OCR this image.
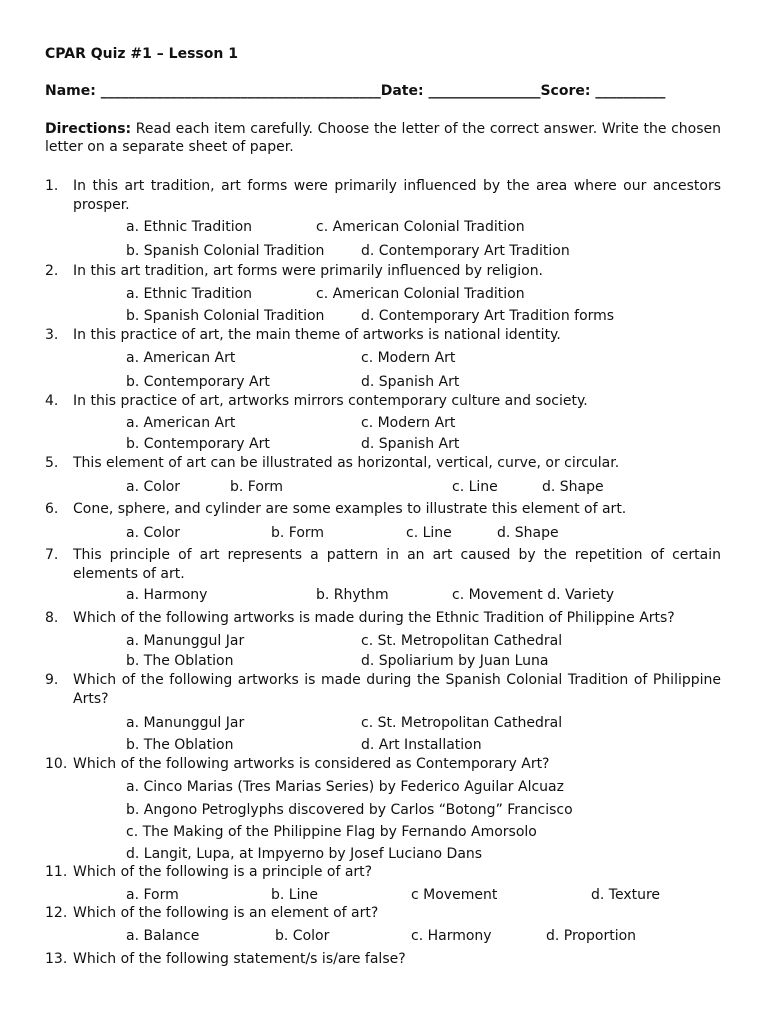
CPAR Quiz #1 – Lesson 1
Name: ________________________________________Date: ________________Score: __________
Directions: Read each item carefully. Choose the letter of the correct answer. Write the chosen letter on a separate sheet of paper.
1. In this art tradition, art forms were primarily influenced by the area where our ancestors prosper.
a. Ethnic Tradition	c. American Colonial Tradition
b. Spanish Colonial Tradition	d. Contemporary Art Tradition
2. In this art tradition, art forms were primarily influenced by religion.
a. Ethnic Tradition	c. American Colonial Tradition
b. Spanish Colonial Tradition	d. Contemporary Art Tradition forms
3. In this practice of art, the main theme of artworks is national identity.
a. American Art	c. Modern Art
b. Contemporary Art	d. Spanish Art
4. In this practice of art, artworks mirrors contemporary culture and society.
a. American Art	c. Modern Art
b. Contemporary Art	d. Spanish Art
5. This element of art can be illustrated as horizontal, vertical, curve, or circular.
a. Color	b. Form	c. Line	d. Shape
6. Cone, sphere, and cylinder are some examples to illustrate this element of art.
a. Color	b. Form	c. Line	d. Shape
7. This principle of art represents a pattern in an art caused by the repetition of certain elements of art.
a. Harmony	b. Rhythm	c. Movement d. Variety
8. Which of the following artworks is made during the Ethnic Tradition of Philippine Arts?
a. Manunggul Jar	c. St. Metropolitan Cathedral
b. The Oblation	d. Spoliarium by Juan Luna
9. Which of the following artworks is made during the Spanish Colonial Tradition of Philippine Arts?
a. Manunggul Jar	c. St. Metropolitan Cathedral
b. The Oblation	d. Art Installation
10. Which of the following artworks is considered as Contemporary Art?
a. Cinco Marias (Tres Marias Series) by Federico Aguilar Alcuaz
b. Angono Petroglyphs discovered by Carlos “Botong” Francisco
c. The Making of the Philippine Flag by Fernando Amorsolo
d. Langit, Lupa, at Impyerno by Josef Luciano Dans
11. Which of the following is a principle of art?
a. Form	b. Line	c Movement	d. Texture
12. Which of the following is an element of art?
a. Balance	b. Color	c. Harmony	d. Proportion
13. Which of the following statement/s is/are false?
